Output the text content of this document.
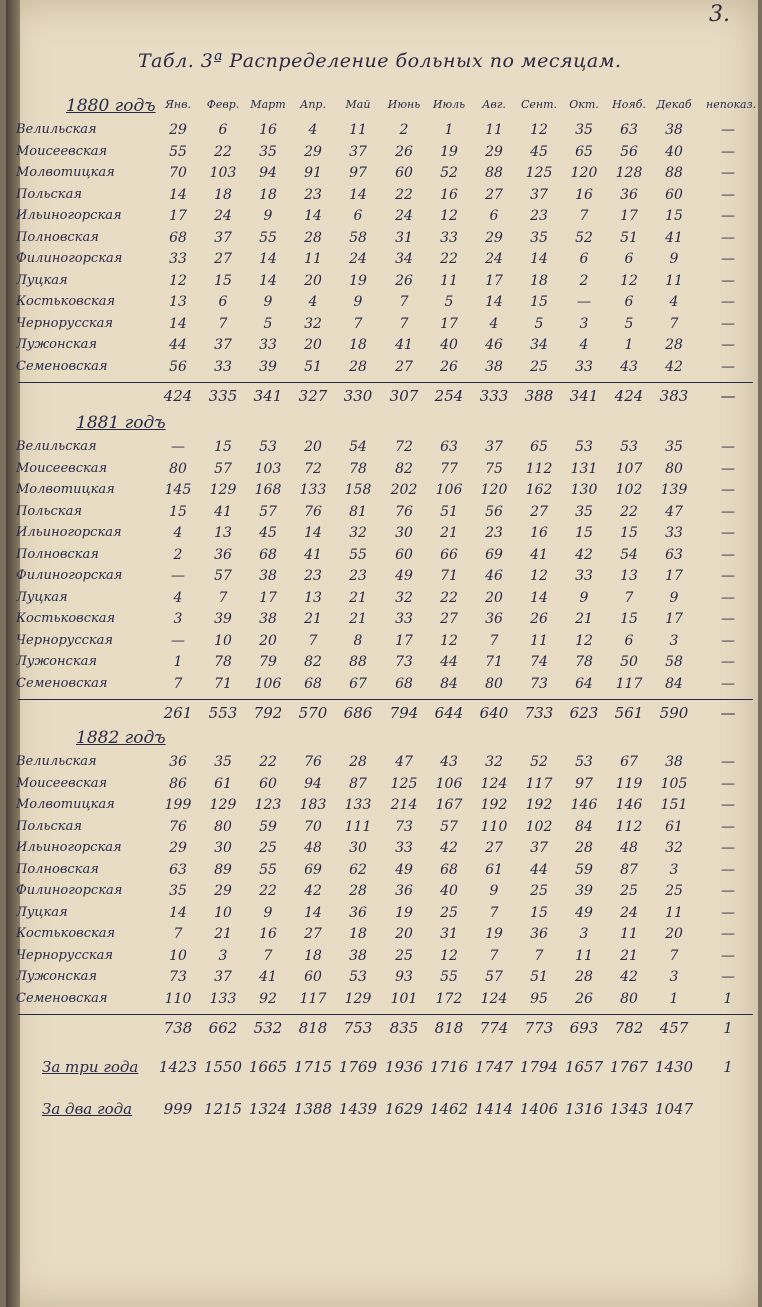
3.
Табл. 3ª Распределение больных по месяцам.
Янв.	Февр.	Март	Апр.	Май	Июнь	Июль	Авг.	Сент.	Окт.	Нояб. Декаб	непоказ.
1880 годъ
Велильская	29	6	16	4	11	2	1	11	12	35	63	38	—
Моисеевская	55	22	35	29	37	26	19	29	45	65	56	40	—
Молвотицкая	70	103	94	91	97	60	52	88	125	120	128	88	—
Польская	14	18	18	23	14	22	16	27	37	16	36	60	—
Ильиногорская	17	24	9	14	6	24	12	6	23	7	17	15	—
Полновская	68	37	55	28	58	31	33	29	35	52	51	41	—
Филиногорская	33	27	14	11	24	34	22	24	14	6	6	9	—
Луцкая	12	15	14	20	19	26	11	17	18	2	12	11	—
Костьковская	13	6	9	4	9	7	5	14	15	—	6	4	—
Чернорусская	14	7	5	32	7	7	17	4	5	3	5	7	—
Лужонская	44	37	33	20	18	41	40	46	34	4	1	28	—
Семеновская	56	33	39	51	28	27	26	38	25	33	43	42	—
424	335	341	327	330	307	254	333	388	341	424	383	—
1881 годъ
Велильская	—	15	53	20	54	72	63	37	65	53	53	35	—
Моисеевская	80	57	103	72	78	82	77	75	112	131	107	80	—
Молвотицкая	145	129	168	133	158	202	106	120	162	130	102	139	—
Польская	15	41	57	76	81	76	51	56	27	35	22	47	—
Ильиногорская	4	13	45	14	32	30	21	23	16	15	15	33	—
Полновская	2	36	68	41	55	60	66	69	41	42	54	63	—
Филиногорская	—	57	38	23	23	49	71	46	12	33	13	17	—
Луцкая	4	7	17	13	21	32	22	20	14	9	7	9	—
Костьковская	3	39	38	21	21	33	27	36	26	21	15	17	—
Чернорусская	—	10	20	7	8	17	12	7	11	12	6	3	—
Лужонская	1	78	79	82	88	73	44	71	74	78	50	58	—
Семеновская	7	71	106	68	67	68	84	80	73	64	117	84	—
261	553	792	570	686	794	644	640	733	623	561	590	—
1882 годъ
Велильская	36	35	22	76	28	47	43	32	52	53	67	38	—
Моисеевская	86	61	60	94	87	125	106	124	117	97	119	105	—
Молвотицкая	199	129	123	183	133	214	167	192	192	146	146	151	—
Польская	76	80	59	70	111	73	57	110	102	84	112	61	—
Ильиногорская	29	30	25	48	30	33	42	27	37	28	48	32	—
Полновская	63	89	55	69	62	49	68	61	44	59	87	3	—
Филиногорская	35	29	22	42	28	36	40	9	25	39	25	25	—
Луцкая	14	10	9	14	36	19	25	7	15	49	24	11	—
Костьковская	7	21	16	27	18	20	31	19	36	3	11	20	—
Чернорусская	10	3	7	18	38	25	12	7	7	11	21	7	—
Лужонская	73	37	41	60	53	93	55	57	51	28	42	3	—
Семеновская	110	133	92	117	129	101	172	124	95	26	80	1	1
738	662	532	818	753	835	818	774	773	693	782	457	1
За три года 1423 1550 1665 1715 1769 1936 1716 1747 1794 1657 1767 1430	1
За два года	999 1215 1324 1388 1439 1629 1462 1414 1406 1316 1343 1047
